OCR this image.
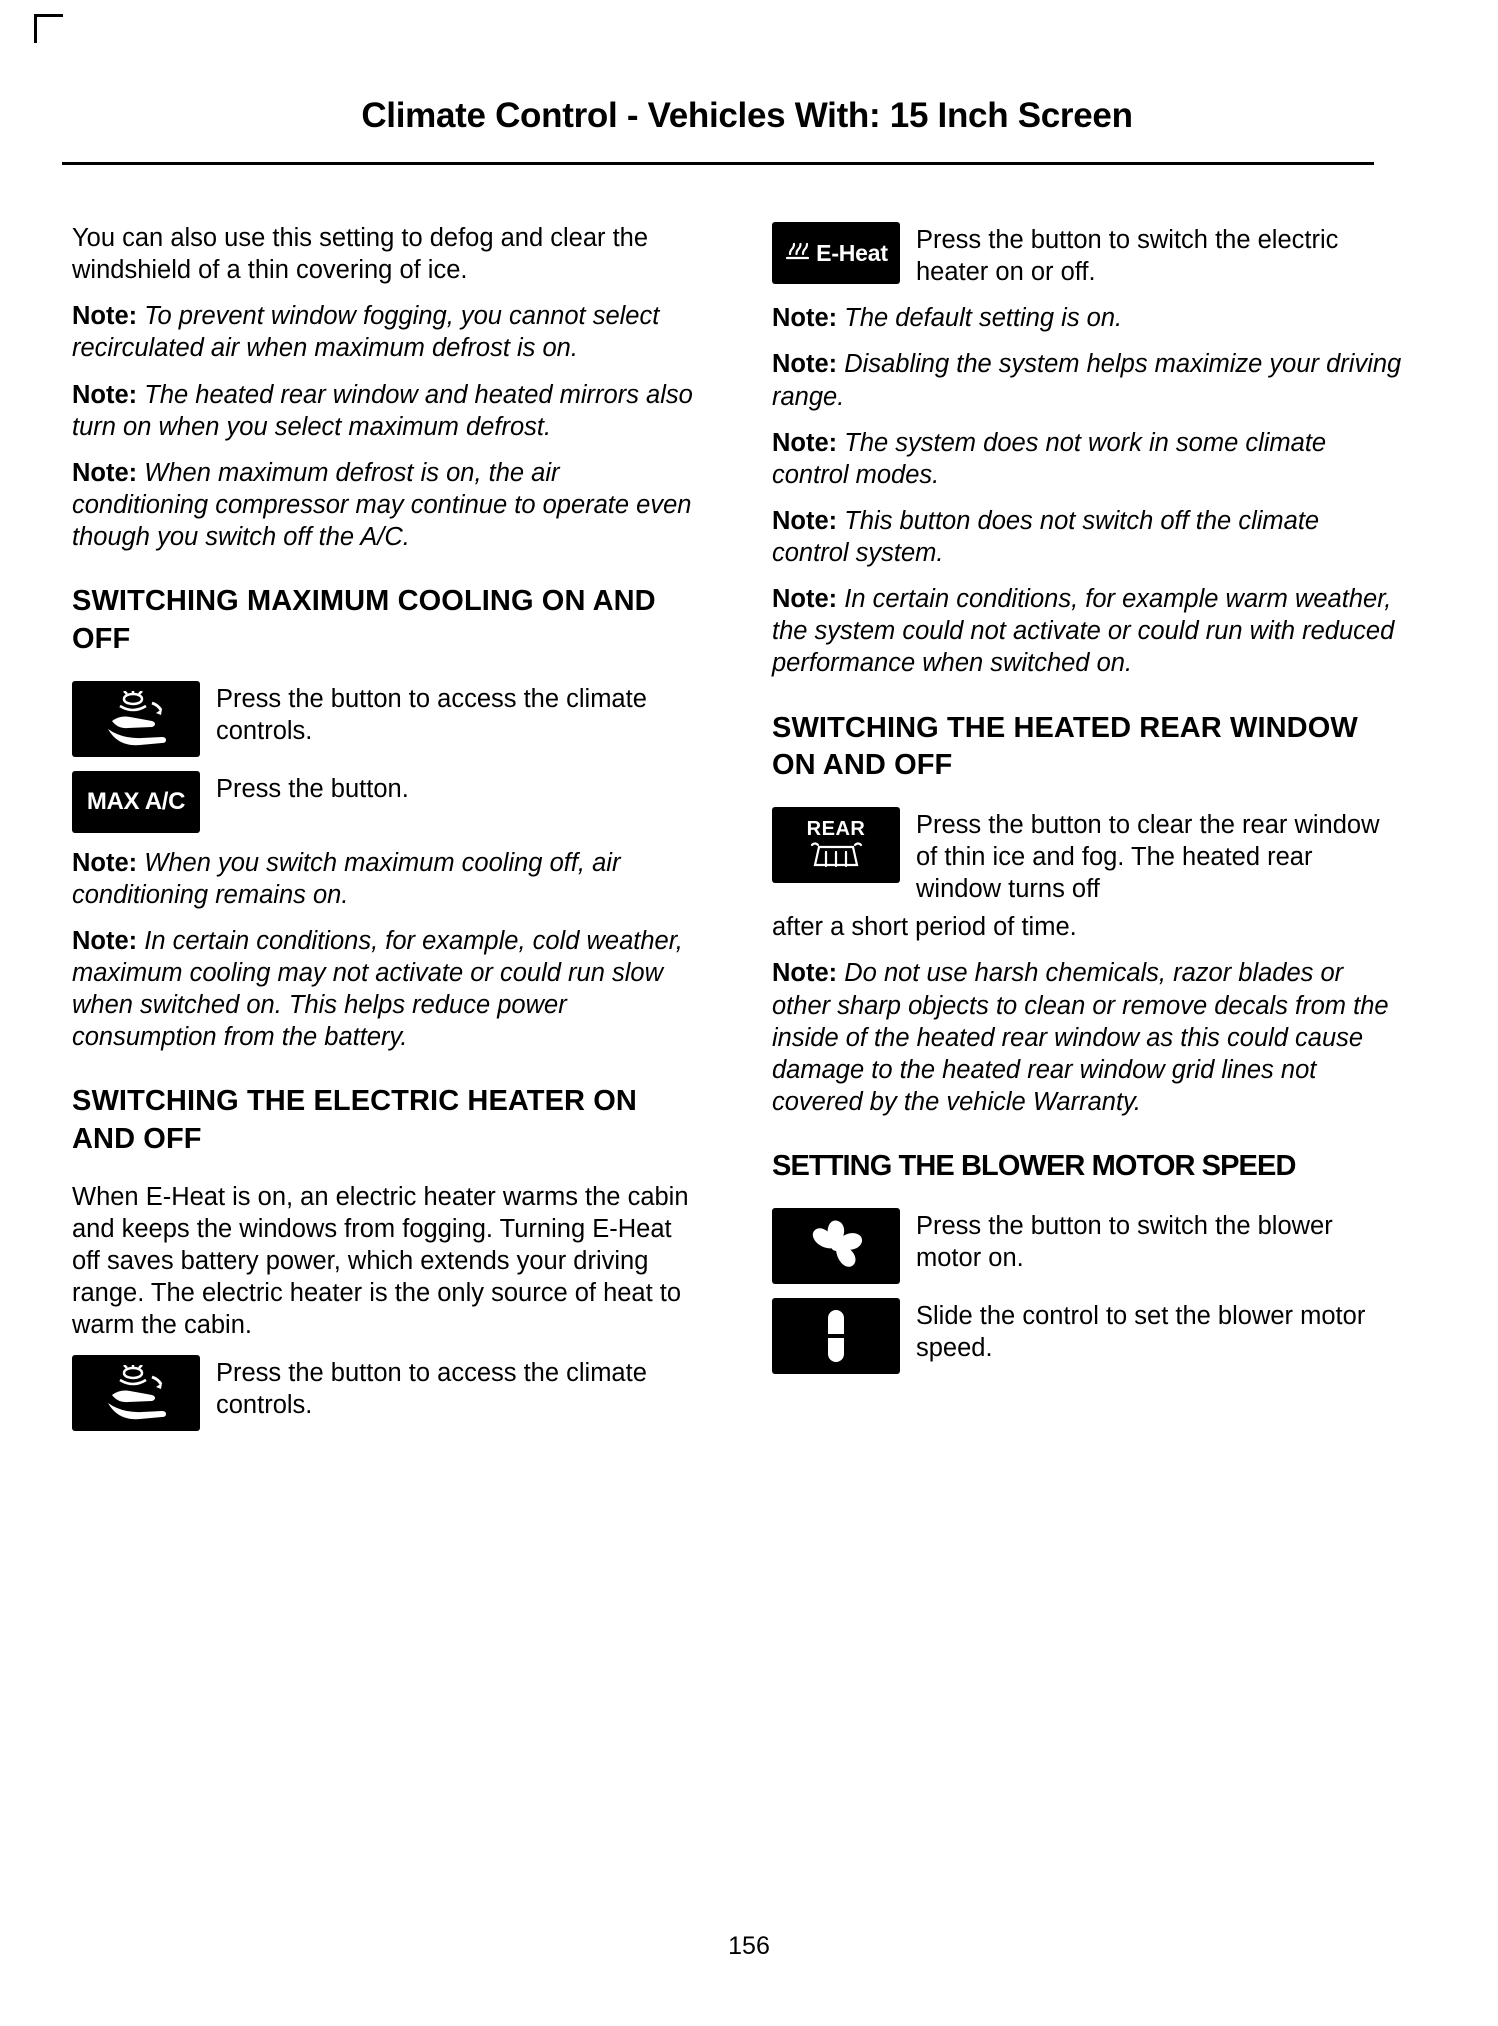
Climate Control - Vehicles With: 15 Inch Screen

You can also use this setting to defog and clear the windshield of a thin covering of ice.

Note: To prevent window fogging, you cannot select recirculated air when maximum defrost is on.

Note: The heated rear window and heated mirrors also turn on when you select maximum defrost.

Note: When maximum defrost is on, the air conditioning compressor may continue to operate even though you switch off the A/C.

SWITCHING MAXIMUM COOLING ON AND OFF
Press the button to access the climate controls.
MAX A/C Press the button.

Note: When you switch maximum cooling off, air conditioning remains on.

Note: In certain conditions, for example, cold weather, maximum cooling may not activate or could run slow when switched on. This helps reduce power consumption from the battery.

SWITCHING THE ELECTRIC HEATER ON AND OFF

When E-Heat is on, an electric heater warms the cabin and keeps the windows from fogging. Turning E-Heat off saves battery power, which extends your driving range. The electric heater is the only source of heat to warm the cabin.

Press the button to access the climate controls.
E-Heat Press the button to switch the electric heater on or off.

Note: The default setting is on.

Note: Disabling the system helps maximize your driving range.

Note: The system does not work in some climate control modes.

Note: This button does not switch off the climate control system.

Note: In certain conditions, for example warm weather, the system could not activate or could run with reduced performance when switched on.

SWITCHING THE HEATED REAR WINDOW ON AND OFF
REAR Press the button to clear the rear window of thin ice and fog. The heated rear window turns off
after a short period of time.

Note: Do not use harsh chemicals, razor blades or other sharp objects to clean or remove decals from the inside of the heated rear window as this could cause damage to the heated rear window grid lines not covered by the vehicle Warranty.

SETTING THE BLOWER MOTOR SPEED
Press the button to switch the blower motor on.
Slide the control to set the blower motor speed.
156
